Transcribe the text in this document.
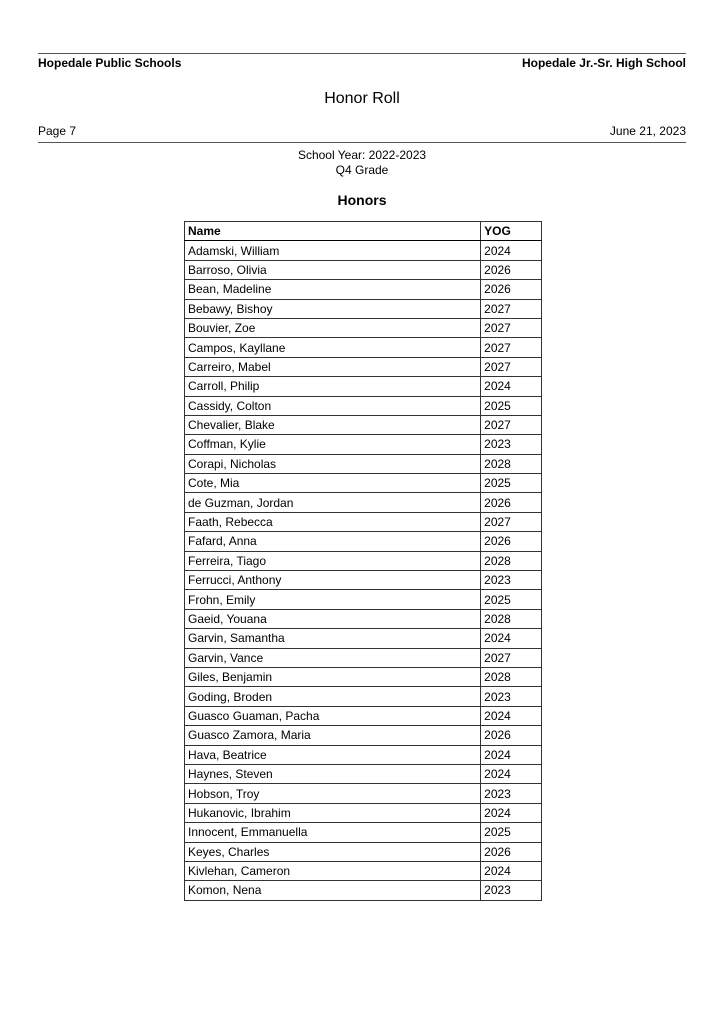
Hopedale Public Schools	Hopedale Jr.-Sr. High School
Honor Roll
Page 7	June 21, 2023
School Year: 2022-2023
Q4 Grade
Honors
Name	YOG
Adamski, William	2024
Barroso, Olivia	2026
Bean, Madeline	2026
Bebawy, Bishoy	2027
Bouvier, Zoe	2027
Campos, Kayllane	2027
Carreiro, Mabel	2027
Carroll, Philip	2024
Cassidy, Colton	2025
Chevalier, Blake	2027
Coffman, Kylie	2023
Corapi, Nicholas	2028
Cote, Mia	2025
de Guzman, Jordan	2026
Faath, Rebecca	2027
Fafard, Anna	2026
Ferreira, Tiago	2028
Ferrucci, Anthony	2023
Frohn, Emily	2025
Gaeid, Youana	2028
Garvin, Samantha	2024
Garvin, Vance	2027
Giles, Benjamin	2028
Goding, Broden	2023
Guasco Guaman, Pacha	2024
Guasco Zamora, Maria	2026
Hava, Beatrice	2024
Haynes, Steven	2024
Hobson, Troy	2023
Hukanovic, Ibrahim	2024
Innocent, Emmanuella	2025
Keyes, Charles	2026
Kivlehan, Cameron	2024
Komon, Nena	2023
